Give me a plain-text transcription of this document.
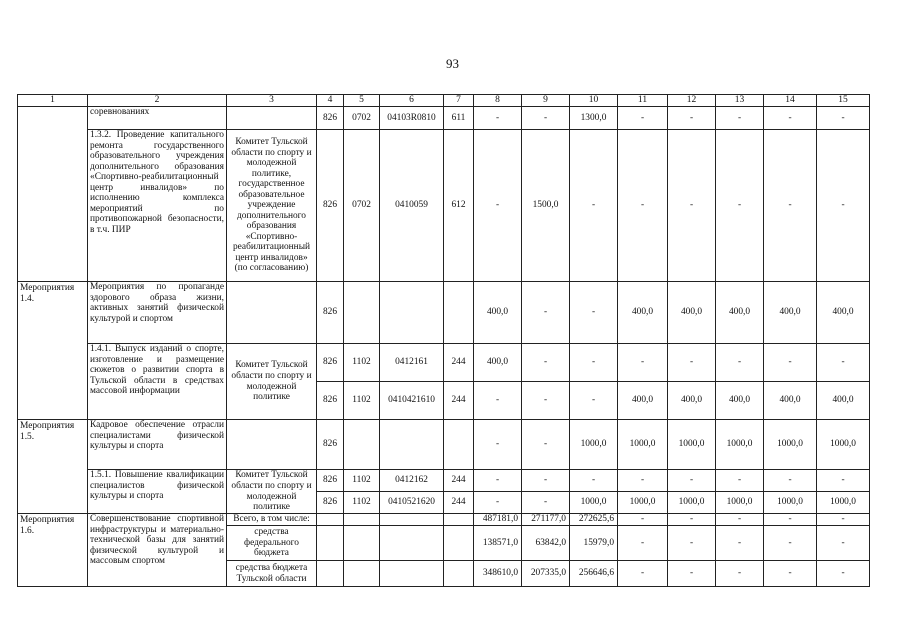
93
1	2	3	4	5	6	7	8	9	10	11	12	13	14	15
	соревнованиях		826	0702	04103R0810	611	-	-	1300,0	-	-	-	-	-
	1.3.2. Проведение капитального ремонта государственного образовательного учреждения дополнительного образования «Спортивно-реабилитационный центр инвалидов» по исполнению комплекса мероприятий по противопожарной безопасности, в т.ч. ПИР	Комитет Тульской области по спорту и молодежной политике, государственное образовательное учреждение дополнительного образования «Спортивно-реабилитационный центр инвалидов» (по согласованию)	826	0702	0410059	612	-	1500,0	-	-	-	-	-	-
Мероприятия 1.4.	Мероприятия по пропаганде здорового образа жизни, активных занятий физической культурой и спортом		826				400,0	-	-	400,0	400,0	400,0	400,0	400,0
	1.4.1. Выпуск изданий о спорте, изготовление и размещение сюжетов о развитии спорта в Тульской области в средствах массовой информации	Комитет Тульской области по спорту и молодежной политике	826	1102	0412161	244	400,0	-	-	-	-	-	-	-
			826	1102	0410421610	244	-	-	-	400,0	400,0	400,0	400,0	400,0
Мероприятия 1.5.	Кадровое обеспечение отрасли специалистами физической культуры и спорта		826				-	-	1000,0	1000,0	1000,0	1000,0	1000,0	1000,0
	1.5.1. Повышение квалификации специалистов физической культуры и спорта	Комитет Тульской области по спорту и молодежной политике	826	1102	0412162	244	-	-	-	-	-	-	-	-
			826	1102	0410521620	244	-	-	1000,0	1000,0	1000,0	1000,0	1000,0	1000,0
Мероприятия 1.6.	Совершенствование спортивной инфраструктуры и материально-технической базы для занятий физической культурой и массовым спортом	Всего, в том числе:					487181,0	271177,0	272625,6	-	-	-	-	-
		средства федерального бюджета					138571,0	63842,0	15979,0	-	-	-	-	-
		средства бюджета Тульской области					348610,0	207335,0	256646,6	-	-	-	-	-
